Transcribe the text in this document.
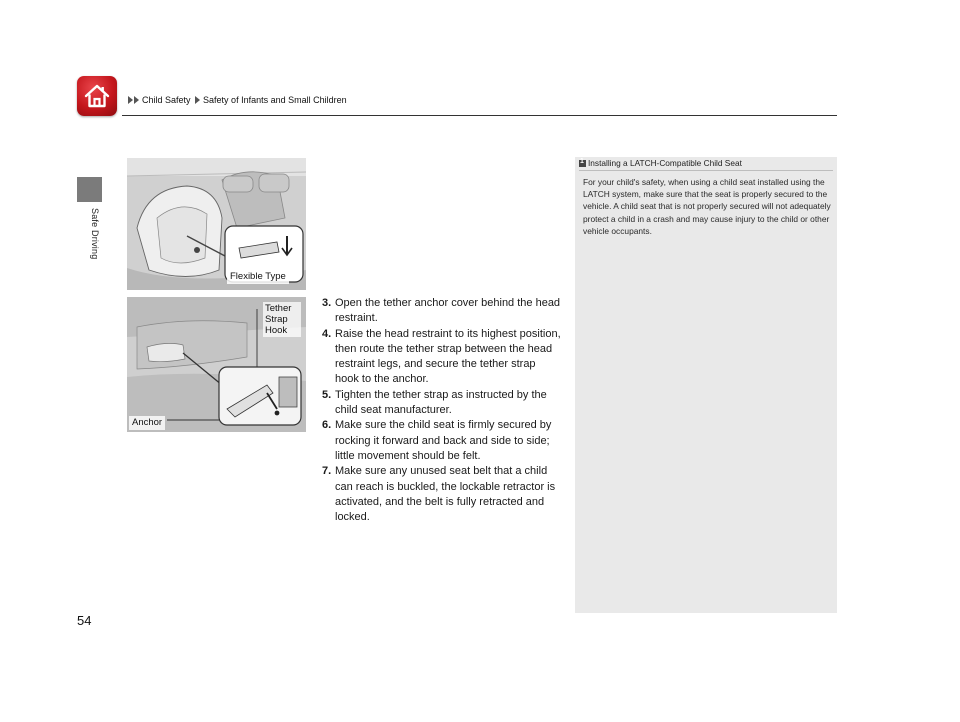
Child Safety Safety of Infants and Small Children
Safe Driving
Flexible Type
Tether Strap Hook
Anchor

3. Open the tether anchor cover behind the head restraint.

4. Raise the head restraint to its highest position, then route the tether strap between the head restraint legs, and secure the tether strap hook to the anchor.

5. Tighten the tether strap as instructed by the child seat manufacturer.

6. Make sure the child seat is firmly secured by rocking it forward and back and side to side; little movement should be felt.

7. Make sure any unused seat belt that a child can reach is buckled, the lockable retractor is activated, and the belt is fully retracted and locked.

1Installing a LATCH-Compatible Child Seat
For your child's safety, when using a child seat installed using the LATCH system, make sure that the seat is properly secured to the vehicle. A child seat that is not properly secured will not adequately protect a child in a crash and may cause injury to the child or other vehicle occupants.
54
